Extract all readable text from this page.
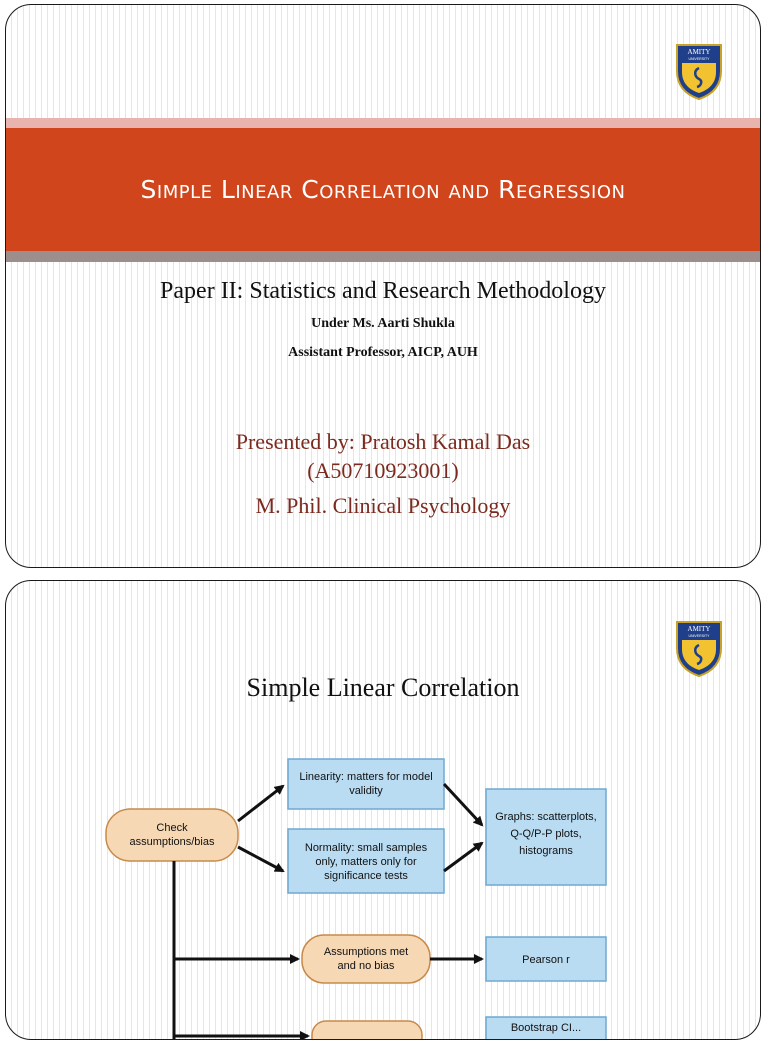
AMITY
UNIVERSITY
Simple Linear Correlation and Regression
Paper II: Statistics and Research Methodology
Under Ms. Aarti Shukla
Assistant Professor, AICP, AUH
Presented by: Pratosh Kamal Das
(A50710923001)
M. Phil. Clinical Psychology
AMITY
UNIVERSITY
Simple Linear Correlation
Check
assumptions/bias
Linearity: matters for model
validity
Normality: small samples
only, matters only for
significance tests
Graphs: scatterplots,
Q-Q/P-P plots,
histograms
Assumptions met
and no bias	Pearson r
Bootstrap CI...
